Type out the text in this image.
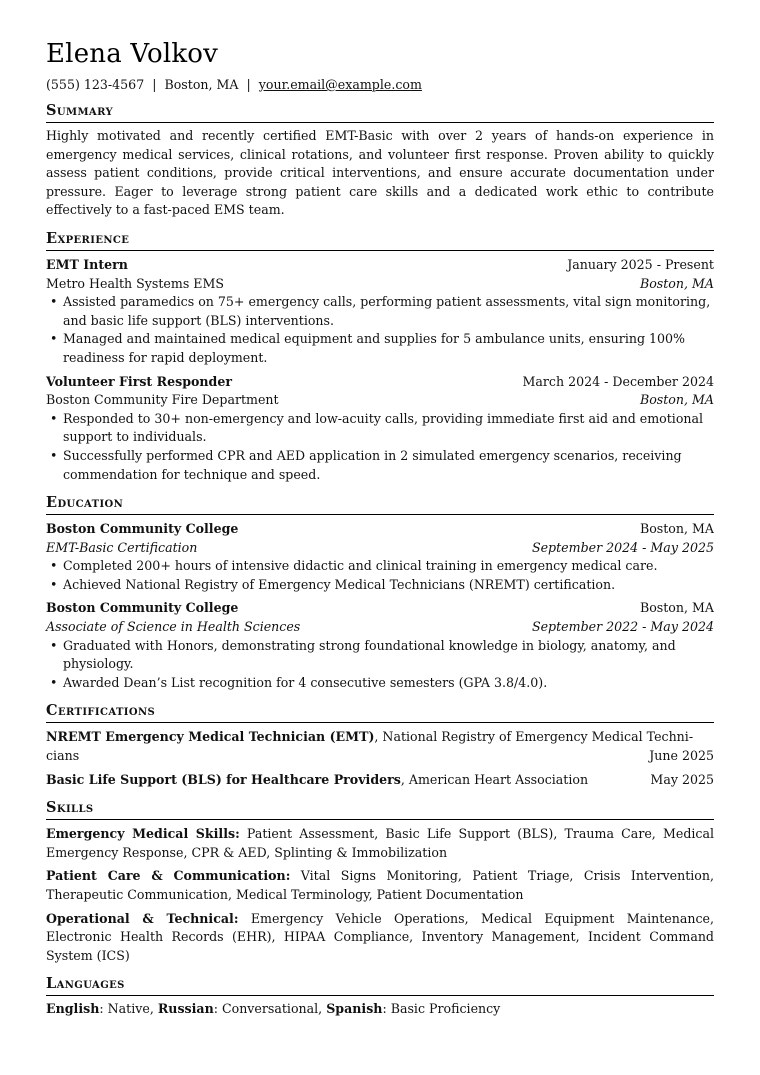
Elena Volkov
(555) 123-4567 | Boston, MA | your.email@example.com
Summary
Highly motivated and recently certified EMT-Basic with over 2 years of hands-on experience in emergency medical services, clinical rotations, and volunteer first response. Proven ability to quickly assess patient conditions, provide critical interventions, and ensure accurate documentation under pressure. Eager to leverage strong patient care skills and a dedicated work ethic to contribute effectively to a fast-paced EMS team.
Experience
EMT Intern	January 2025 - Present
Metro Health Systems EMS	Boston, MA
• Assisted paramedics on 75+ emergency calls, performing patient assessments, vital sign monitoring, and basic life support (BLS) interventions.
• Managed and maintained medical equipment and supplies for 5 ambulance units, ensuring 100% readiness for rapid deployment.
Volunteer First Responder	March 2024 - December 2024
Boston Community Fire Department	Boston, MA
• Responded to 30+ non-emergency and low-acuity calls, providing immediate first aid and emotional support to individuals.
• Successfully performed CPR and AED application in 2 simulated emergency scenarios, receiving commendation for technique and speed.
Education
Boston Community College	Boston, MA
EMT-Basic Certification	September 2024 - May 2025
• Completed 200+ hours of intensive didactic and clinical training in emergency medical care.
• Achieved National Registry of Emergency Medical Technicians (NREMT) certification.
Boston Community College	Boston, MA
Associate of Science in Health Sciences	September 2022 - May 2024
• Graduated with Honors, demonstrating strong foundational knowledge in biology, anatomy, and physiology.
• Awarded Dean’s List recognition for 4 consecutive semesters (GPA 3.8/4.0).
Certifications
NREMT Emergency Medical Technician (EMT), National Registry of Emergency Medical Techni-
cians	June 2025
Basic Life Support (BLS) for Healthcare Providers, American Heart Association	May 2025
Skills
Emergency Medical Skills: Patient Assessment, Basic Life Support (BLS), Trauma Care, Medical Emergency Response, CPR & AED, Splinting & Immobilization
Patient Care & Communication: Vital Signs Monitoring, Patient Triage, Crisis Intervention, Therapeutic Communication, Medical Terminology, Patient Documentation
Operational & Technical: Emergency Vehicle Operations, Medical Equipment Maintenance, Electronic Health Records (EHR), HIPAA Compliance, Inventory Management, Incident Command System (ICS)
Languages
English: Native, Russian: Conversational, Spanish: Basic Proficiency
